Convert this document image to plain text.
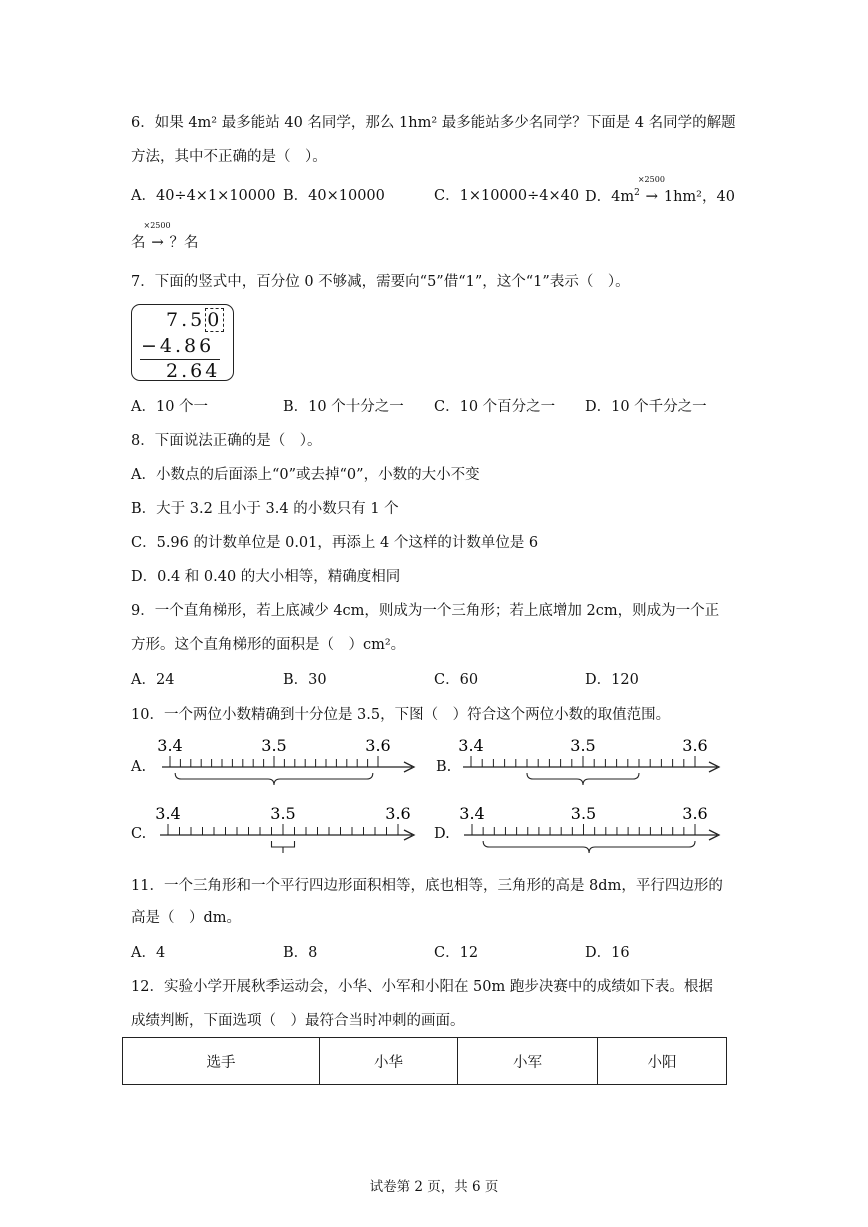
6．如果 4m² 最多能站 40 名同学，那么 1hm² 最多能站多少名同学？下面是 4 名同学的解题
方法，其中不正确的是（　）。
A．40÷4×1×10000 B．40×10000	C．1×10000÷4×40 D．$4m^2$
×2500
→ 1hm²，40
名
×2500
→ ？名
7．下面的竖式中，百分位 0 不够减，需要向“5”借“1”，这个“1”表示（　）。
7.5 0
−4.86
2.64
A．10 个一	B．10 个十分之一 C．10 个百分之一 D．10 个千分之一
8．下面说法正确的是（　）。
A．小数点的后面添上“0”或去掉“0”，小数的大小不变
B．大于 3.2 且小于 3.4 的小数只有 1 个
C．5.96 的计数单位是 0.01，再添上 4 个这样的计数单位是 6
D．0.4 和 0.40 的大小相等，精确度相同
9．一个直角梯形，若上底减少 4cm，则成为一个三角形；若上底增加 2cm，则成为一个正
方形。这个直角梯形的面积是（　）cm²。
A．24	B．30	C．60	D．120
10．一个两位小数精确到十分位是 3.5，下图（　）符合这个两位小数的取值范围。
A.	B.
C.	D.
3.4	3.5	3.6	3.4	3.5	3.6
3.4	3.5	3.6	3.4	3.5	3.6
11．一个三角形和一个平行四边形面积相等，底也相等，三角形的高是 8dm，平行四边形的
高是（　）dm。
A．4	B．8	C．12	D．16
12．实验小学开展秋季运动会，小华、小军和小阳在 50m 跑步决赛中的成绩如下表。根据
成绩判断，下面选项（　）最符合当时冲刺的画面。
选手	小华	小军	小阳
试卷第 2 页，共 6 页
